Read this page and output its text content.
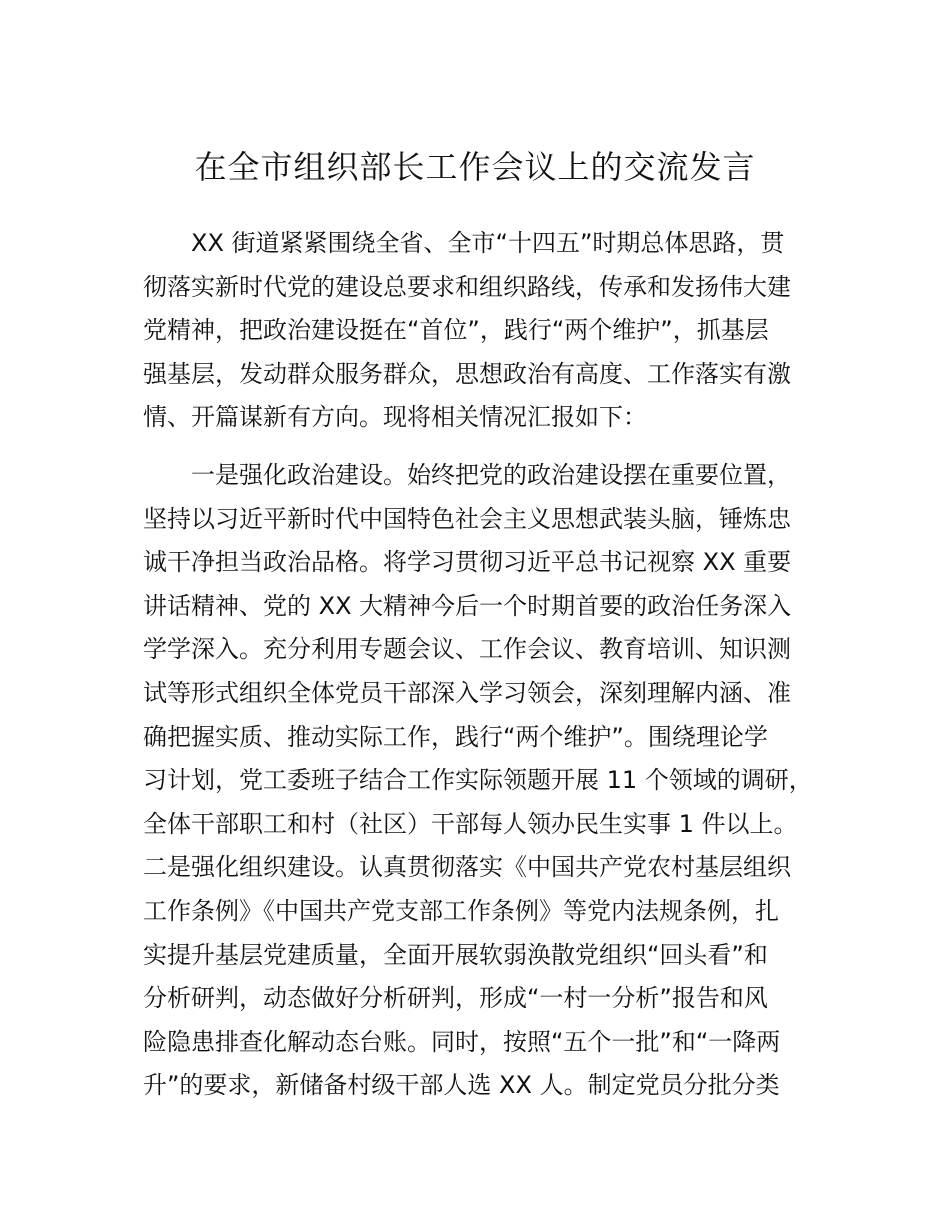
在全市组织部长工作会议上的交流发言
XX 街道紧紧围绕全省、全市“十四五”时期总体思路，贯
彻落实新时代党的建设总要求和组织路线，传承和发扬伟大建
党精神，把政治建设挺在“首位”，践行“两个维护”，抓基层
强基层，发动群众服务群众，思想政治有高度、工作落实有激
情、开篇谋新有方向。现将相关情况汇报如下：
一是强化政治建设。始终把党的政治建设摆在重要位置，
坚持以习近平新时代中国特色社会主义思想武装头脑，锤炼忠
诚干净担当政治品格。将学习贯彻习近平总书记视察 XX 重要
讲话精神、党的 XX 大精神今后一个时期首要的政治任务深入
学学深入。充分利用专题会议、工作会议、教育培训、知识测
试等形式组织全体党员干部深入学习领会，深刻理解内涵、准
确把握实质、推动实际工作，践行“两个维护”。围绕理论学
习计划，党工委班子结合工作实际领题开展 11 个领域的调研，
全体干部职工和村（社区）干部每人领办民生实事 1 件以上。
二是强化组织建设。认真贯彻落实《中国共产党农村基层组织
工作条例》《中国共产党支部工作条例》等党内法规条例，扎
实提升基层党建质量，全面开展软弱涣散党组织“回头看”和
分析研判，动态做好分析研判，形成“一村一分析”报告和风
险隐患排查化解动态台账。同时，按照“五个一批”和“一降两
升”的要求，新储备村级干部人选 XX 人。制定党员分批分类
